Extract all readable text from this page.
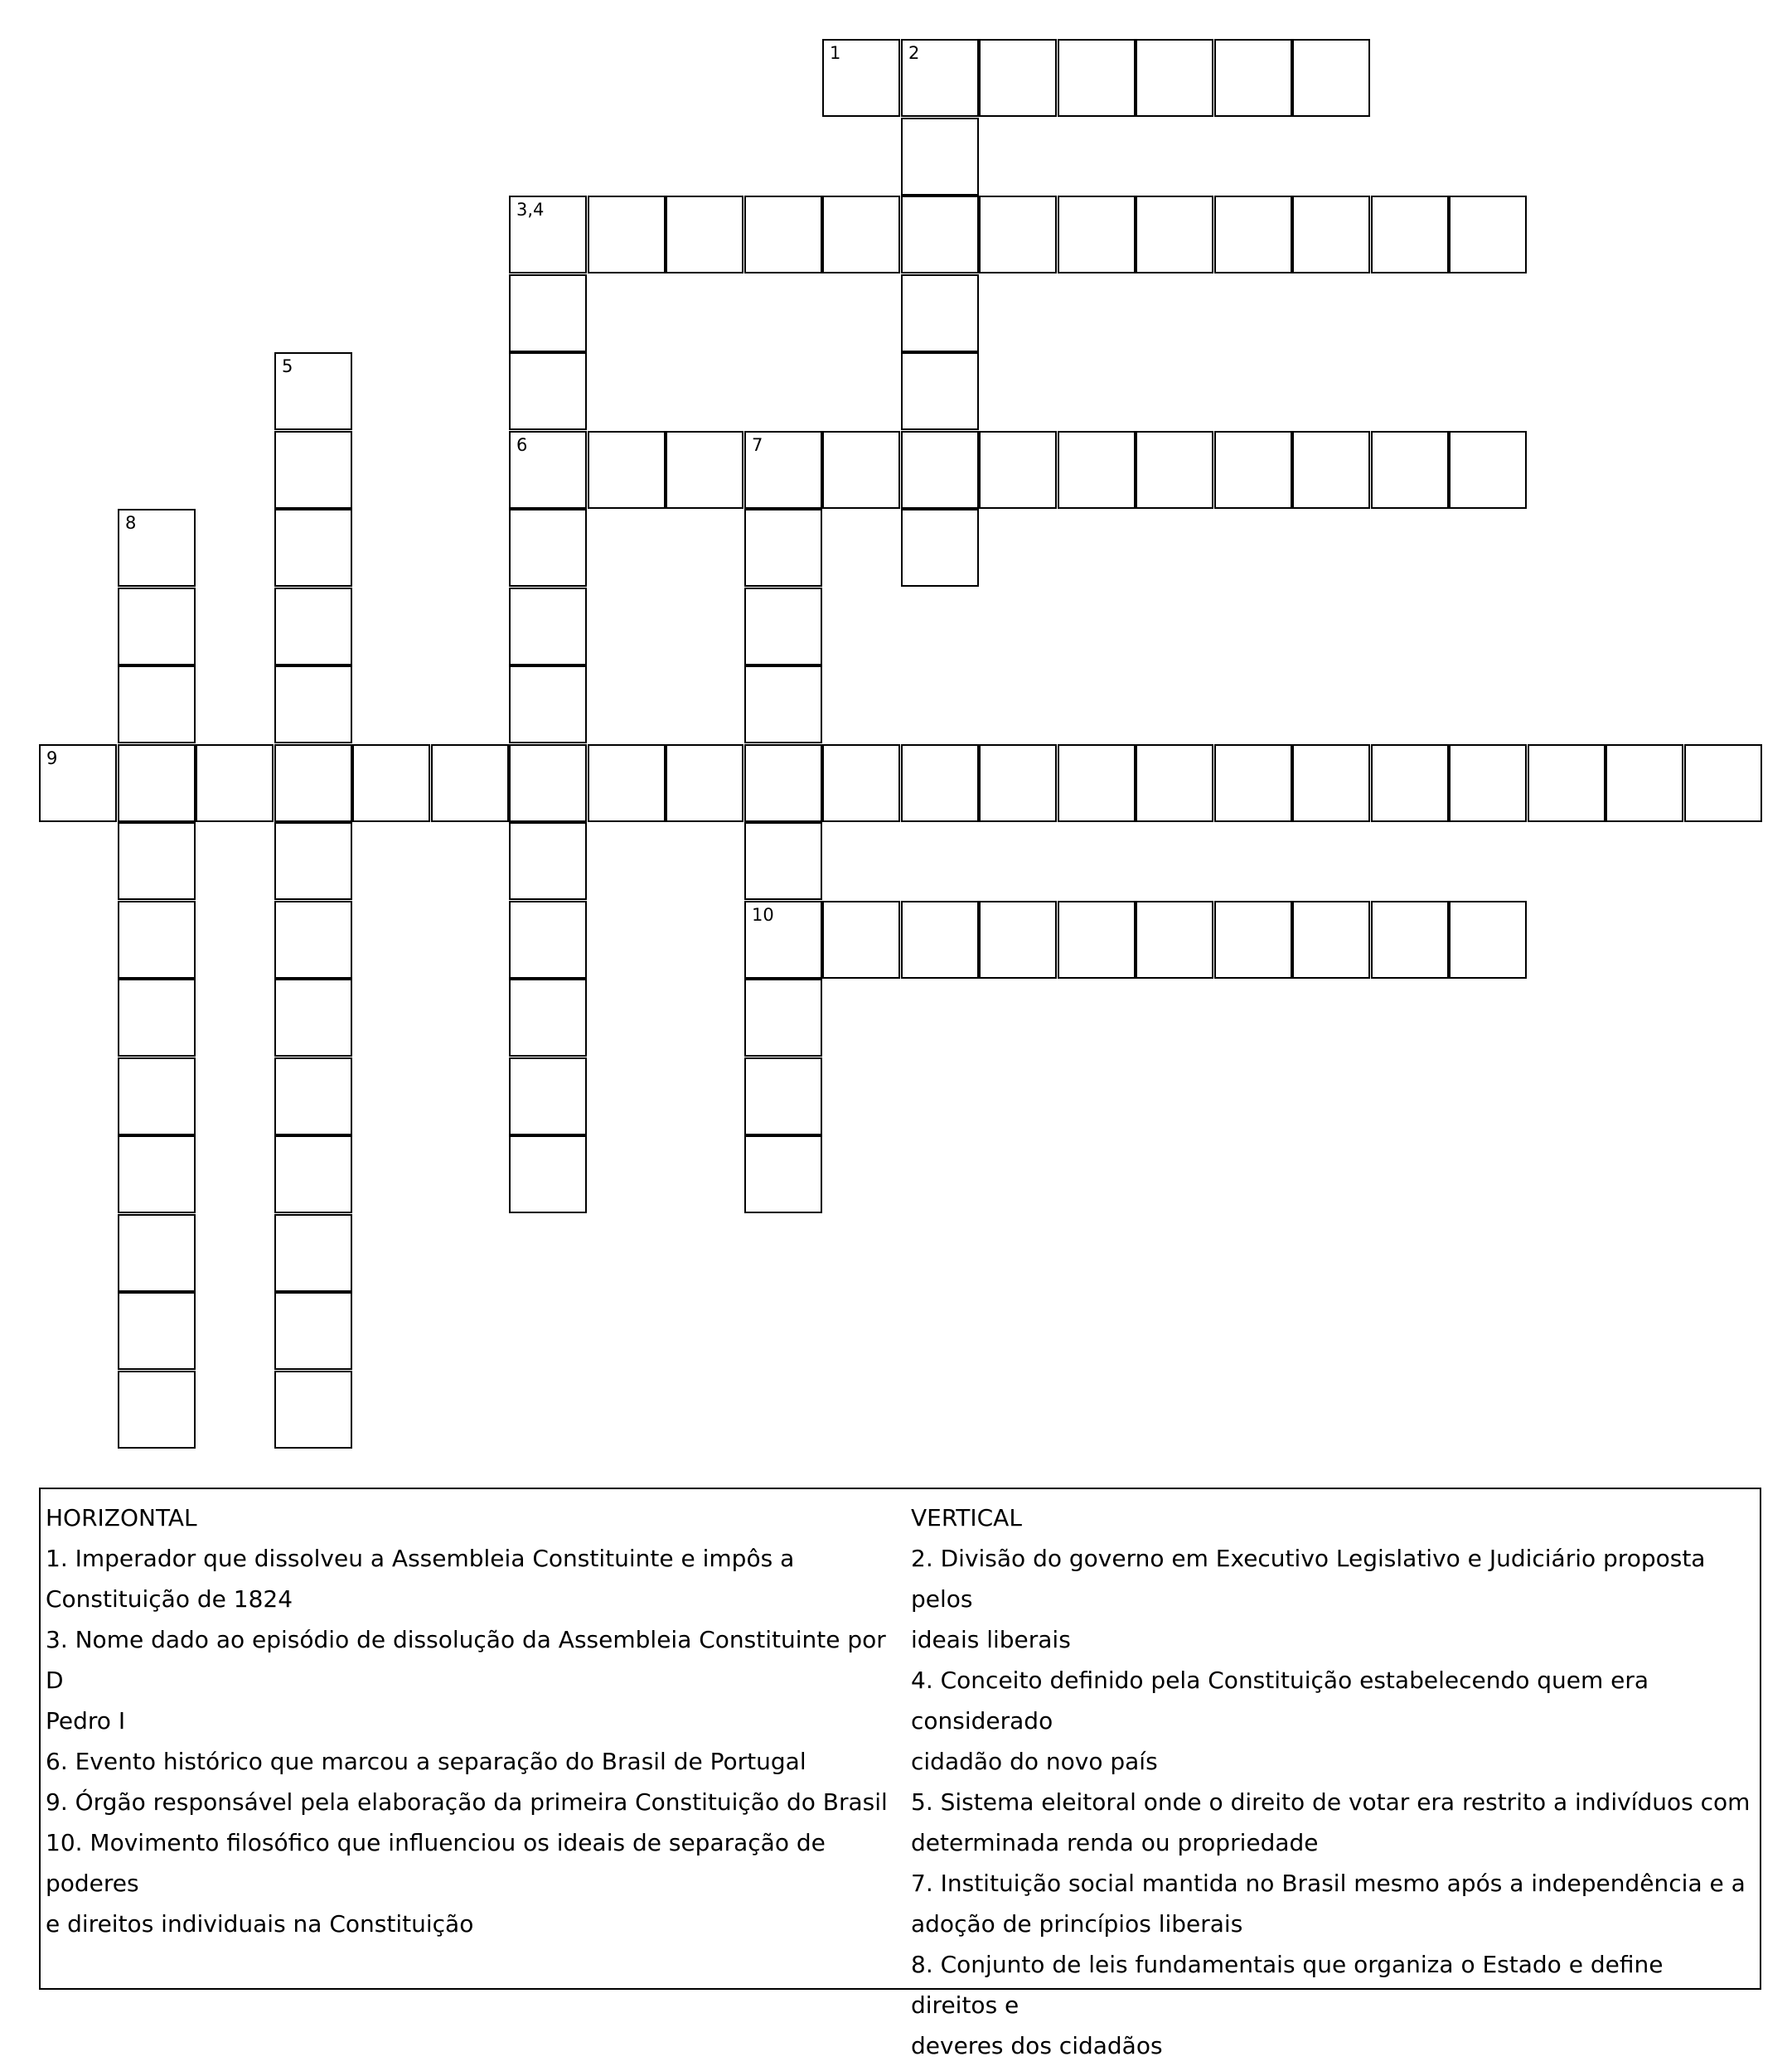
1	2
3,4
6
5
7
10
8
9

HORIZONTAL

1. Imperador que dissolveu a Assembleia Constituinte e impôs a

Constituição de 1824

3. Nome dado ao episódio de dissolução da Assembleia Constituinte por D

Pedro I

6. Evento histórico que marcou a separação do Brasil de Portugal

9. Órgão responsável pela elaboração da primeira Constituição do Brasil

10. Movimento filosófico que influenciou os ideais de separação de poderes

e direitos individuais na Constituição

VERTICAL

2. Divisão do governo em Executivo Legislativo e Judiciário proposta pelos

ideais liberais

4. Conceito definido pela Constituição estabelecendo quem era considerado

cidadão do novo país

5. Sistema eleitoral onde o direito de votar era restrito a indivíduos com

determinada renda ou propriedade

7. Instituição social mantida no Brasil mesmo após a independência e a

adoção de princípios liberais

8. Conjunto de leis fundamentais que organiza o Estado e define direitos e

deveres dos cidadãos
